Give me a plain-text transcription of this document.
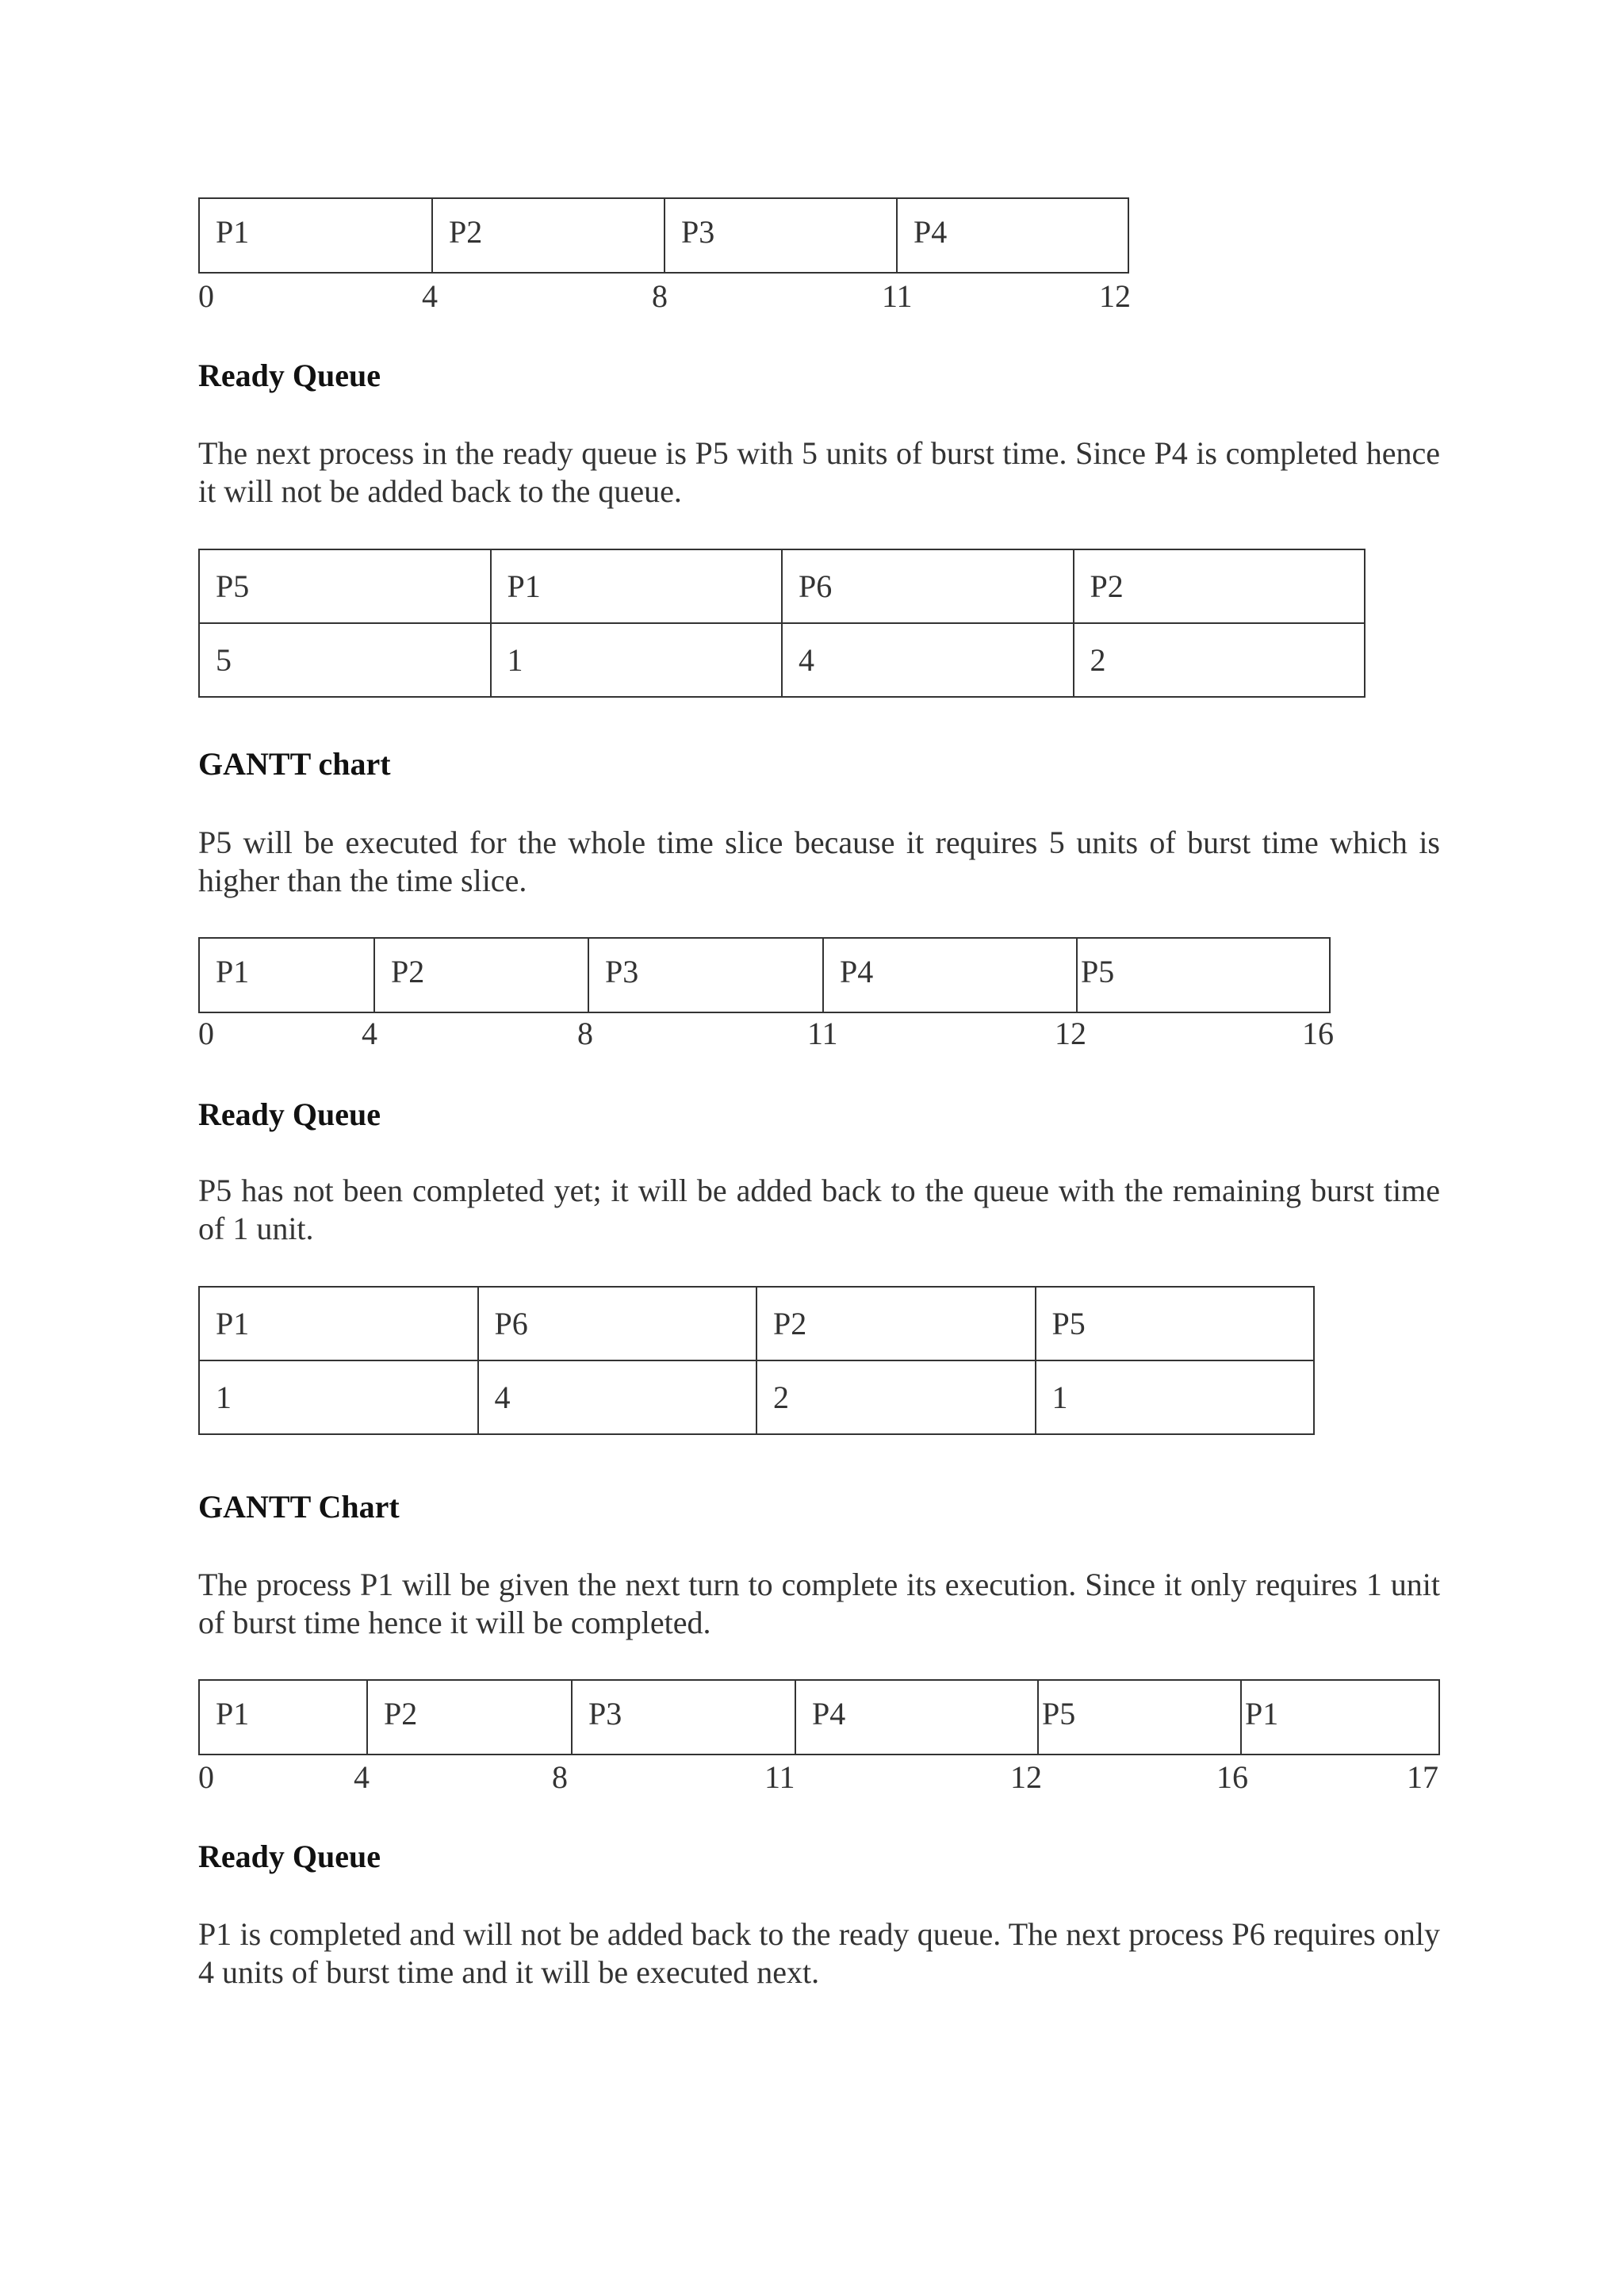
P1	P2	P3	P4
0	4	8	11	12
Ready Queue
The next process in the ready queue is P5 with 5 units of burst time. Since P4 is completed hence it will not be added back to the queue.
P5	P1	P6	P2
5	1	4	2
GANTT chart
P5 will be executed for the whole time slice because it requires 5 units of burst time which is higher than the time slice.
P1	P2	P3	P4	P5
0	4	8	11	12	16
Ready Queue
P5 has not been completed yet; it will be added back to the queue with the remaining burst time of 1 unit.
P1	P6	P2	P5
1	4	2	1
GANTT Chart
The process P1 will be given the next turn to complete its execution. Since it only requires 1 unit of burst time hence it will be completed.
P1	P2	P3	P4	P5	P1
0	4	8	11	12	16	17
Ready Queue
P1 is completed and will not be added back to the ready queue. The next process P6 requires only 4 units of burst time and it will be executed next.
